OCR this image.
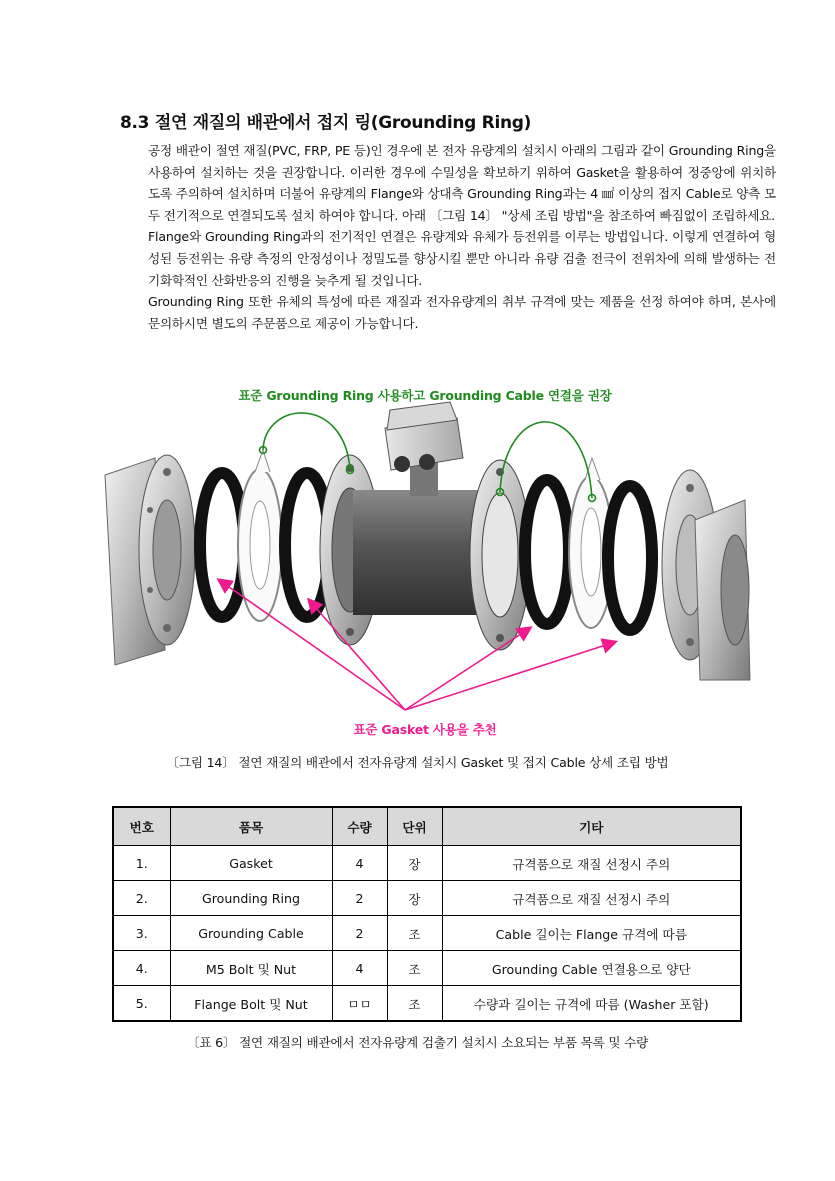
8.3 절연 재질의 배관에서 접지 링(Grounding Ring)

공정 배관이 절연 재질(PVC, FRP, PE 등)인 경우에 본 전자 유량계의 설치시 아래의 그림과 같이 Grounding Ring을 사용하여 설치하는 것을 권장합니다. 이러한 경우에 수밀성을 확보하기 위하여 Gasket을 활용하여 정중앙에 위치하도록 주의하여 설치하며 더불어 유량계의 Flange와 상대측 Grounding Ring과는 4 ㎟ 이상의 접지 Cable로 양측 모두 전기적으로 연결되도록 설치 하여야 합니다. 아래 〔그림 14〕 "상세 조립 방법"을 참조하여 빠짐없이 조립하세요.

Flange와 Grounding Ring과의 전기적인 연결은 유량계와 유체가 등전위를 이루는 방법입니다. 이렇게 연결하여 형성된 등전위는 유량 측정의 안정성이나 정밀도를 향상시킬 뿐만 아니라 유량 검출 전극이 전위차에 의해 발생하는 전기화학적인 산화반응의 진행을 늦추게 될 것입니다.

Grounding Ring 또한 유체의 특성에 따른 재질과 전자유량계의 취부 규격에 맞는 제품을 선정 하여야 하며, 본사에 문의하시면 별도의 주문품으로 제공이 가능합니다.

표준 Grounding Ring 사용하고 Grounding Cable 연결을 권장
표준 Gasket 사용을 추천
〔그림 14〕 절연 재질의 배관에서 전자유량계 설치시 Gasket 및 접지 Cable 상세 조립 방법
번호	품목	수량	단위	기타
1.	Gasket	4	장	규격품으로 재질 선정시 주의
2.	Grounding Ring	2	장	규격품으로 재질 선정시 주의
3.	Grounding Cable	2	조	Cable 길이는 Flange 규격에 따름
4.	M5 Bolt 및 Nut	4	조	Grounding Cable 연결용으로 양단
5.	Flange Bolt 및 Nut	ㅁㅁ	조	수량과 길이는 규격에 따름 (Washer 포함)
〔표 6〕 절연 재질의 배관에서 전자유량계 검출기 설치시 소요되는 부품 목록 및 수량
